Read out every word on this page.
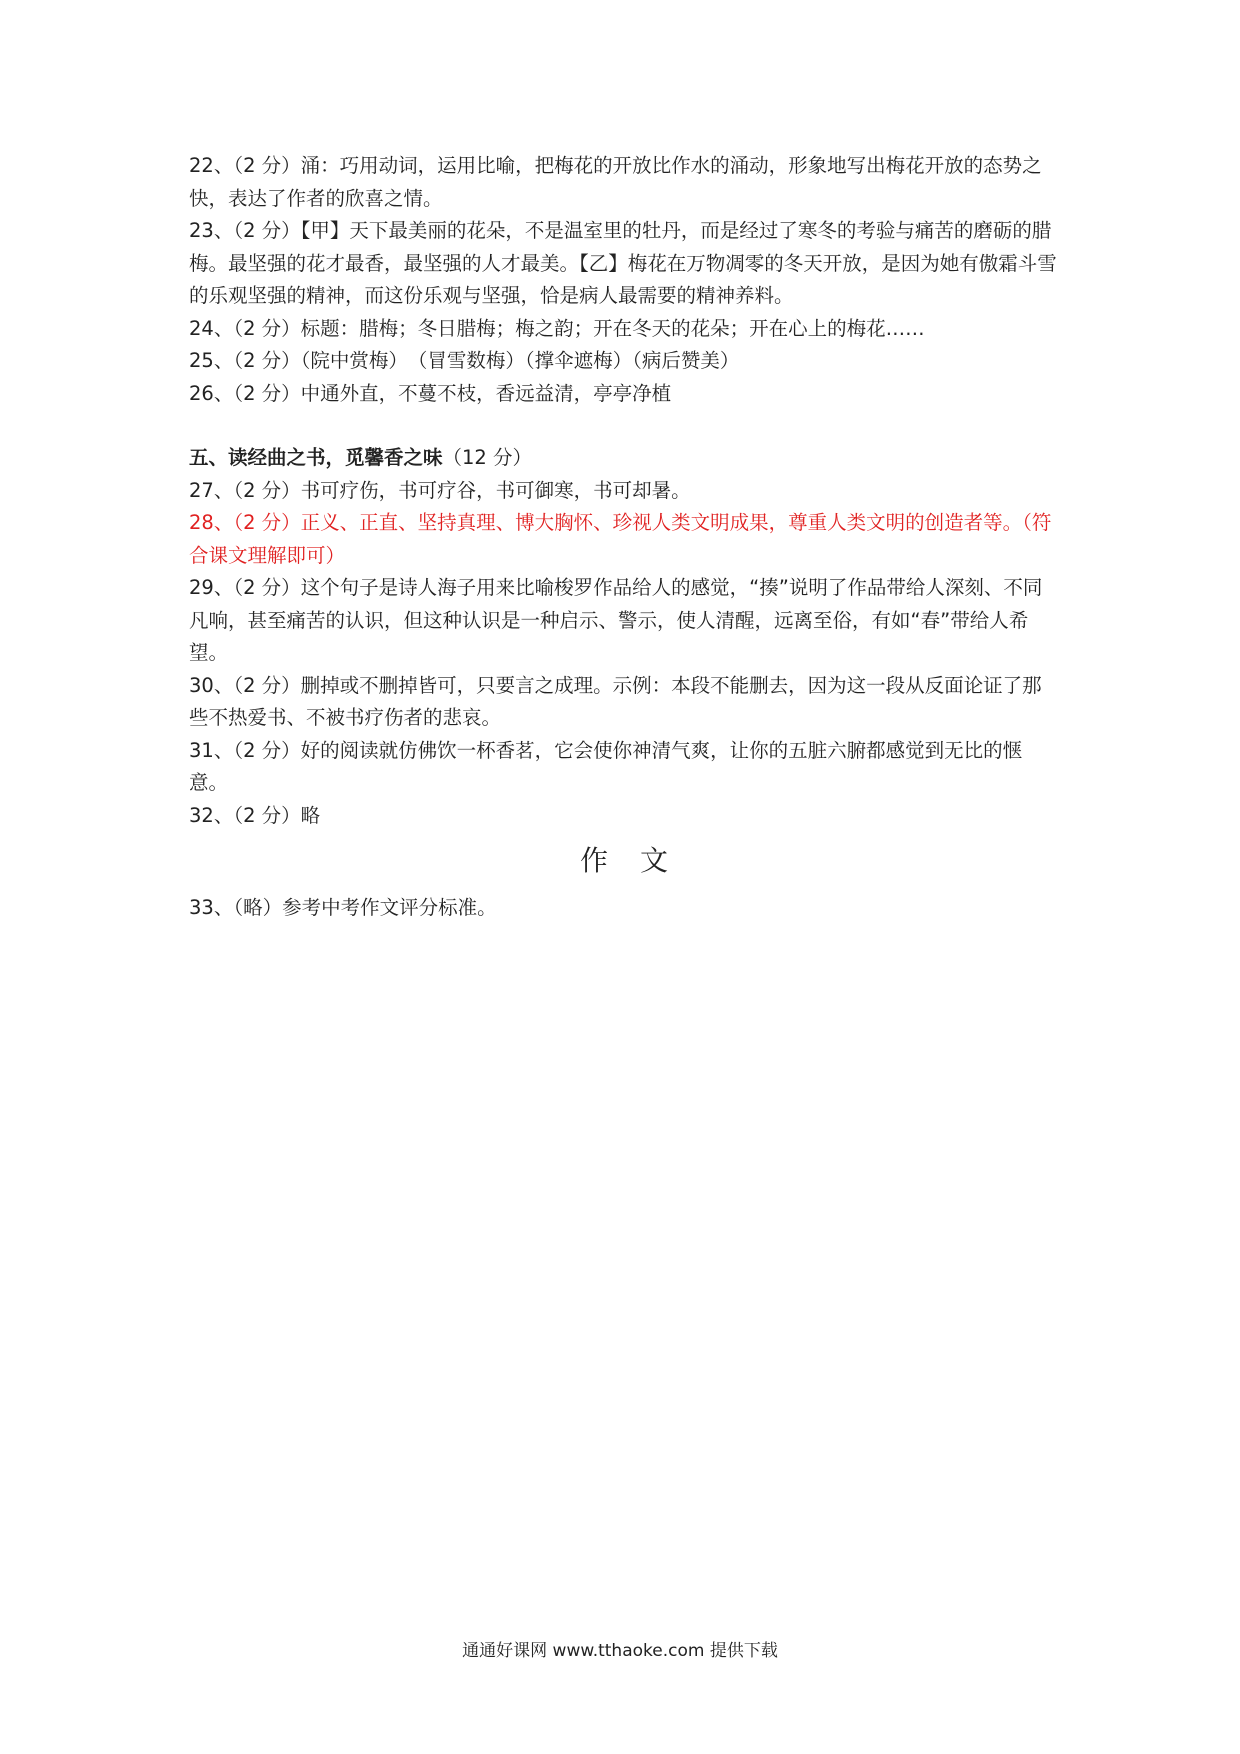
22、（2 分）涌：巧用动词，运用比喻，把梅花的开放比作水的涌动，形象地写出梅花开放的态势之快，表达了作者的欣喜之情。

23、（2 分）【甲】天下最美丽的花朵，不是温室里的牡丹，而是经过了寒冬的考验与痛苦的磨砺的腊梅。最坚强的花才最香，最坚强的人才最美。【乙】梅花在万物凋零的冬天开放，是因为她有傲霜斗雪的乐观坚强的精神，而这份乐观与坚强，恰是病人最需要的精神养料。

24、（2 分）标题：腊梅；冬日腊梅；梅之韵；开在冬天的花朵；开在心上的梅花……

25、（2 分）（院中赏梅）　（冒雪数梅）（撑伞遮梅）（病后赞美）

26、（2 分）中通外直，不蔓不枝，香远益清，亭亭净植

五、读经曲之书，觅馨香之味（12 分）

27、（2 分）书可疗伤，书可疗谷，书可御寒，书可却暑。

28、（2 分）正义、正直、坚持真理、博大胸怀、珍视人类文明成果，尊重人类文明的创造者等。（符合课文理解即可）

29、（2 分）这个句子是诗人海子用来比喻梭罗作品给人的感觉，“揍”说明了作品带给人深刻、不同凡响，甚至痛苦的认识，但这种认识是一种启示、警示，使人清醒，远离至俗，有如“春”带给人希望。

30、（2 分）删掉或不删掉皆可，只要言之成理。示例：本段不能删去，因为这一段从反面论证了那些不热爱书、不被书疗伤者的悲哀。

31、（2 分）好的阅读就仿佛饮一杯香茗，它会使你神清气爽，让你的五脏六腑都感觉到无比的惬意。

32、（2 分）略

作文

33、（略）参考中考作文评分标准。

通通好课网 www.tthaoke.com 提供下载
